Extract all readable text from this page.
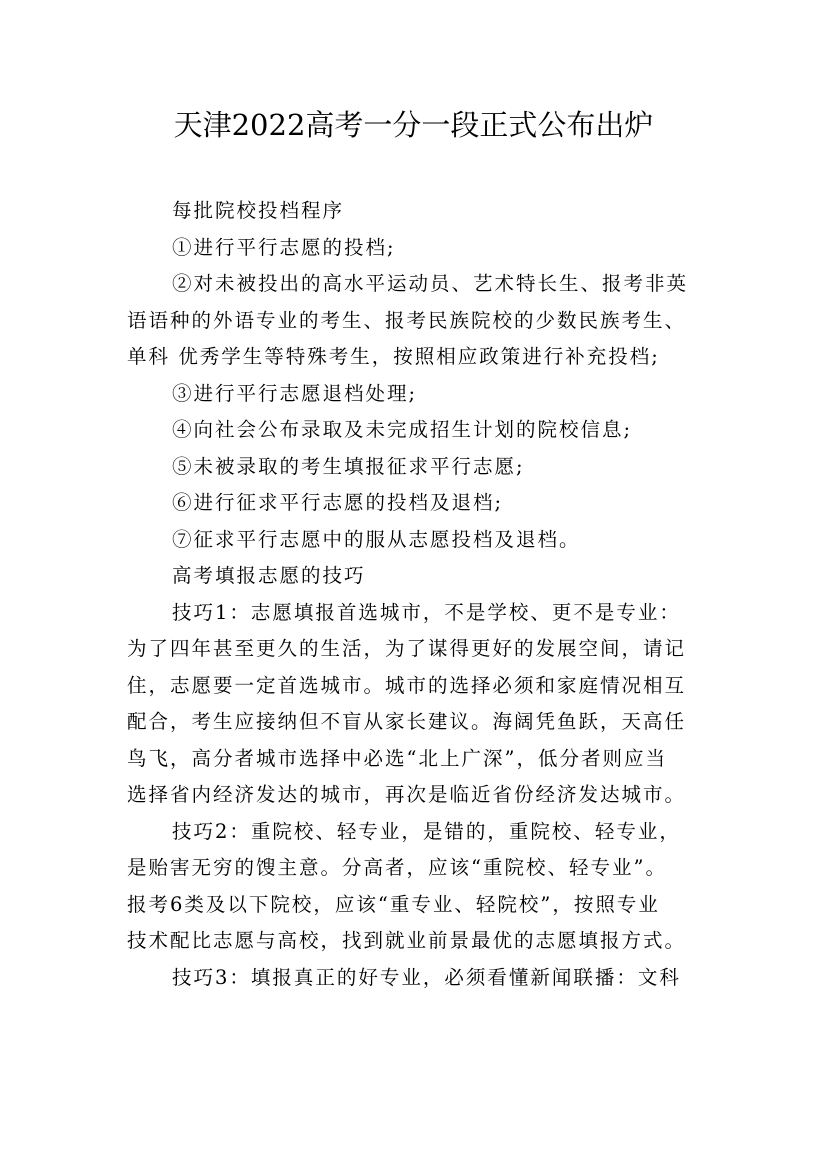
天津2022高考一分一段正式公布出炉

每批院校投档程序

①进行平行志愿的投档;

②对未被投出的高水平运动员、艺术特长生、报考非英
语语种的外语专业的考生、报考民族院校的少数民族考生、
单科 优秀学生等特殊考生，按照相应政策进行补充投档;

③进行平行志愿退档处理;

④向社会公布录取及未完成招生计划的院校信息;

⑤未被录取的考生填报征求平行志愿;

⑥进行征求平行志愿的投档及退档;

⑦征求平行志愿中的服从志愿投档及退档。

高考填报志愿的技巧

技巧1：志愿填报首选城市，不是学校、更不是专业：
为了四年甚至更久的生活，为了谋得更好的发展空间，请记
住，志愿要一定首选城市。城市的选择必须和家庭情况相互
配合，考生应接纳但不盲从家长建议。海阔凭鱼跃，天高任
鸟飞，高分者城市选择中必选“北上广深”，低分者则应当
选择省内经济发达的城市，再次是临近省份经济发达城市。

技巧2：重院校、轻专业，是错的，重院校、轻专业，
是贻害无穷的馊主意。分高者，应该“重院校、轻专业”。
报考6类及以下院校，应该“重专业、轻院校”，按照专业
技术配比志愿与高校，找到就业前景最优的志愿填报方式。

技巧3：填报真正的好专业，必须看懂新闻联播：文科
